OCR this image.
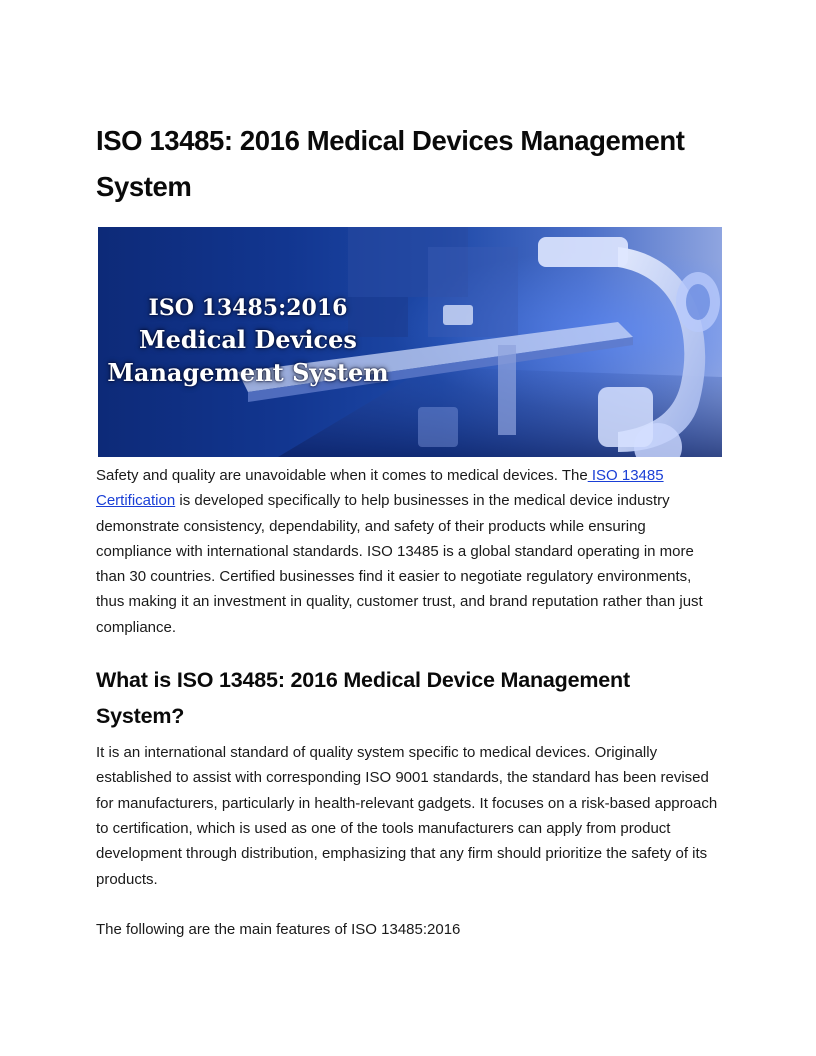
ISO 13485: 2016 Medical Devices Management System
ISO 13485:2016
Medical Devices
Management System

Safety and quality are unavoidable when it comes to medical devices. The ISO 13485 Certification is developed specifically to help businesses in the medical device industry demonstrate consistency, dependability, and safety of their products while ensuring compliance with international standards. ISO 13485 is a global standard operating in more than 30 countries. Certified businesses find it easier to negotiate regulatory environments, thus making it an investment in quality, customer trust, and brand reputation rather than just compliance.

What is ISO 13485: 2016 Medical Device Management System?

It is an international standard of quality system specific to medical devices. Originally established to assist with corresponding ISO 9001 standards, the standard has been revised for manufacturers, particularly in health-relevant gadgets. It focuses on a risk-based approach to certification, which is used as one of the tools manufacturers can apply from product development through distribution, emphasizing that any firm should prioritize the safety of its products.

The following are the main features of ISO 13485:2016
